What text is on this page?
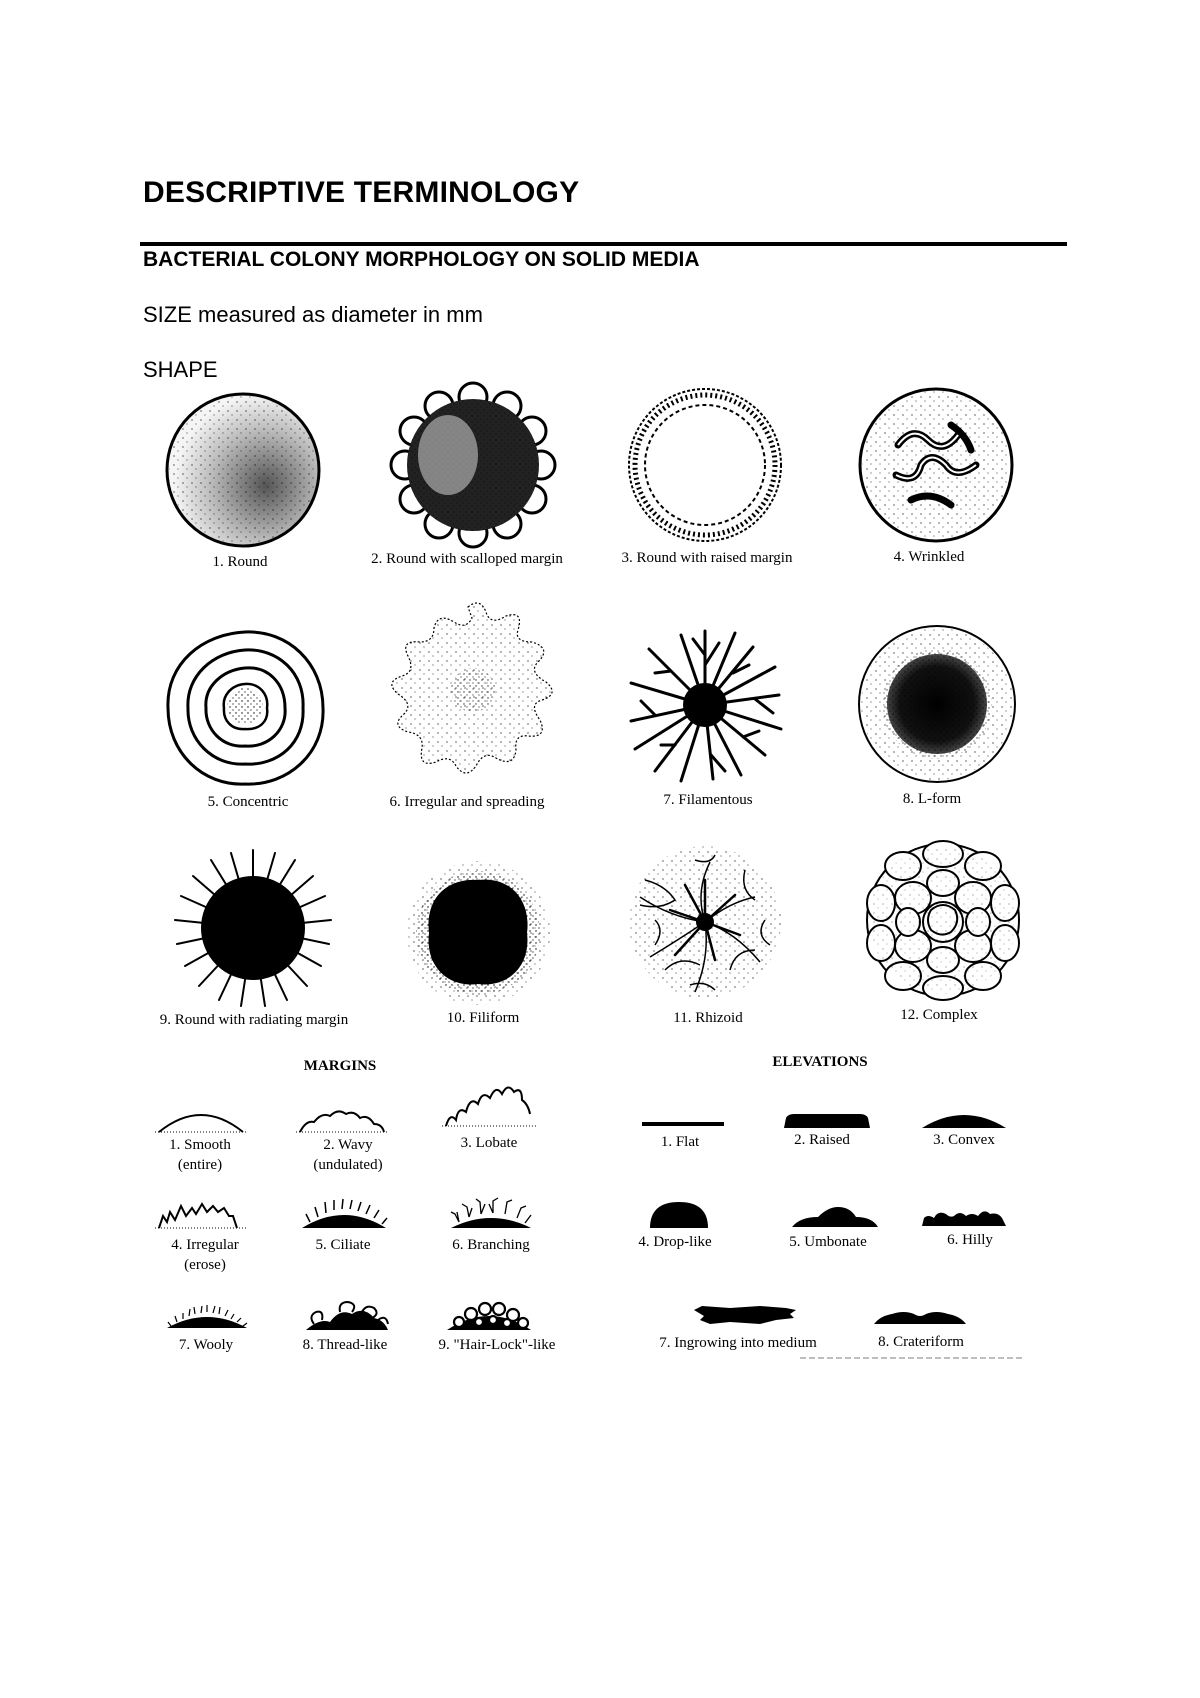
DESCRIPTIVE TERMINOLOGY
BACTERIAL COLONY MORPHOLOGY ON SOLID MEDIA
SIZE measured as diameter in mm
SHAPE
1. Round	2. Round with scalloped margin	3. Round with raised margin	4. Wrinkled
5. Concentric	6. Irregular and spreading	7. Filamentous	8. L-form
9. Round with radiating margin	10. Filiform	11. Rhizoid	12. Complex
MARGINS
1. Smooth
(entire)
2. Wavy
(undulated)
3. Lobate
4. Irregular
(erose)
5. Ciliate	6. Branching
7. Wooly	8. Thread-like	9. "Hair-Lock"-like
ELEVATIONS
1. Flat	2. Raised	3. Convex
4. Drop-like	5. Umbonate	6. Hilly
7. Ingrowing into medium	8. Crateriform
